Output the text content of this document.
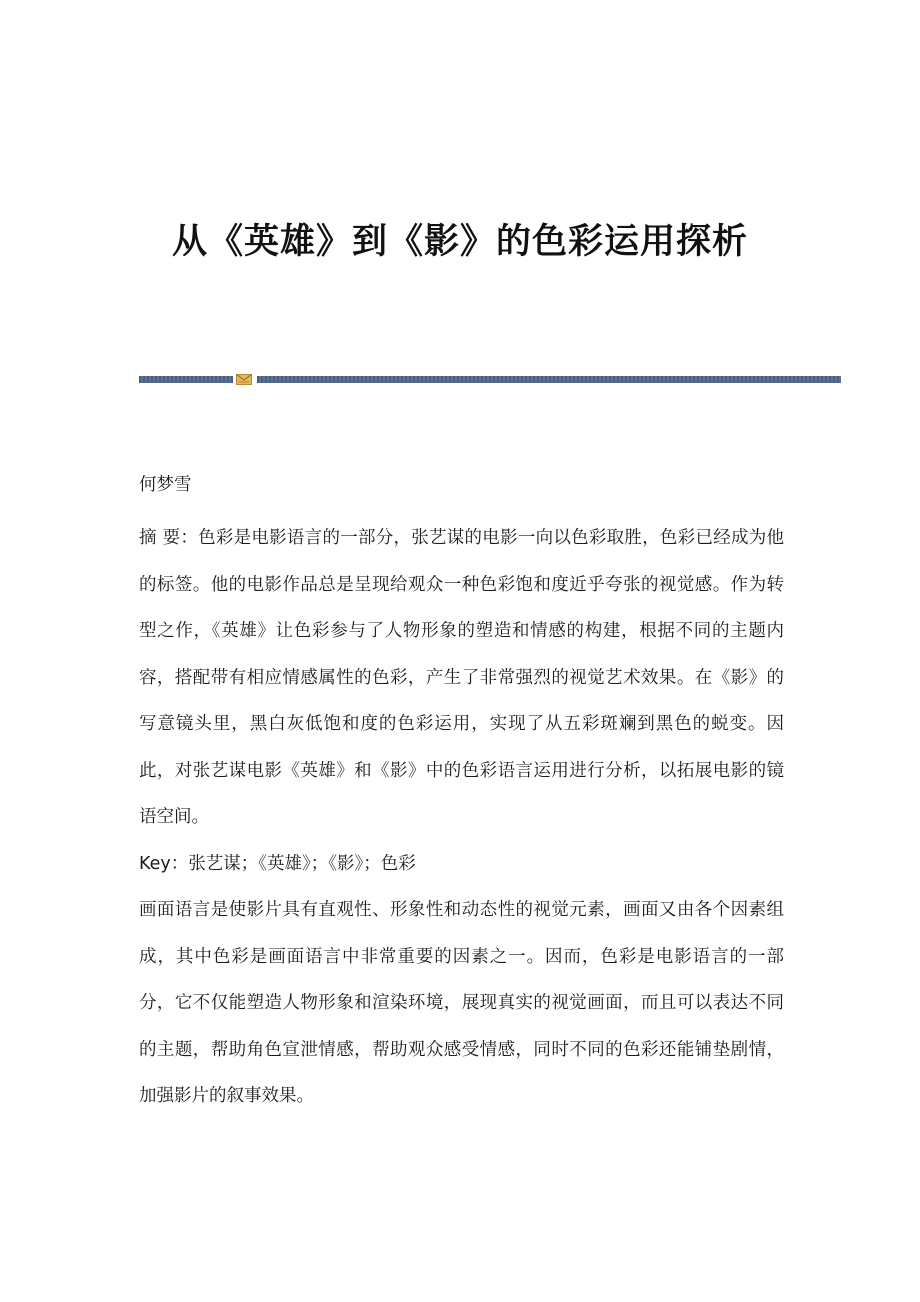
从《英雄》到《影》的色彩运用探析

何梦雪

摘 要：色彩是电影语言的一部分，张艺谋的电影一向以色彩取胜，色彩已经成为他的标签。他的电影作品总是呈现给观众一种色彩饱和度近乎夸张的视觉感。作为转型之作，《英雄》让色彩参与了人物形象的塑造和情感的构建，根据不同的主题内容，搭配带有相应情感属性的色彩，产生了非常强烈的视觉艺术效果。在《影》的写意镜头里，黑白灰低饱和度的色彩运用，实现了从五彩斑斓到黑色的蜕变。因此，对张艺谋电影《英雄》和《影》中的色彩语言运用进行分析，以拓展电影的镜语空间。

Key：张艺谋；《英雄》；《影》；色彩

画面语言是使影片具有直观性、形象性和动态性的视觉元素，画面又由各个因素组成，其中色彩是画面语言中非常重要的因素之一。因而，色彩是电影语言的一部分，它不仅能塑造人物形象和渲染环境，展现真实的视觉画面，而且可以表达不同的主题，帮助角色宣泄情感，帮助观众感受情感，同时不同的色彩还能铺垫剧情，加强影片的叙事效果。
